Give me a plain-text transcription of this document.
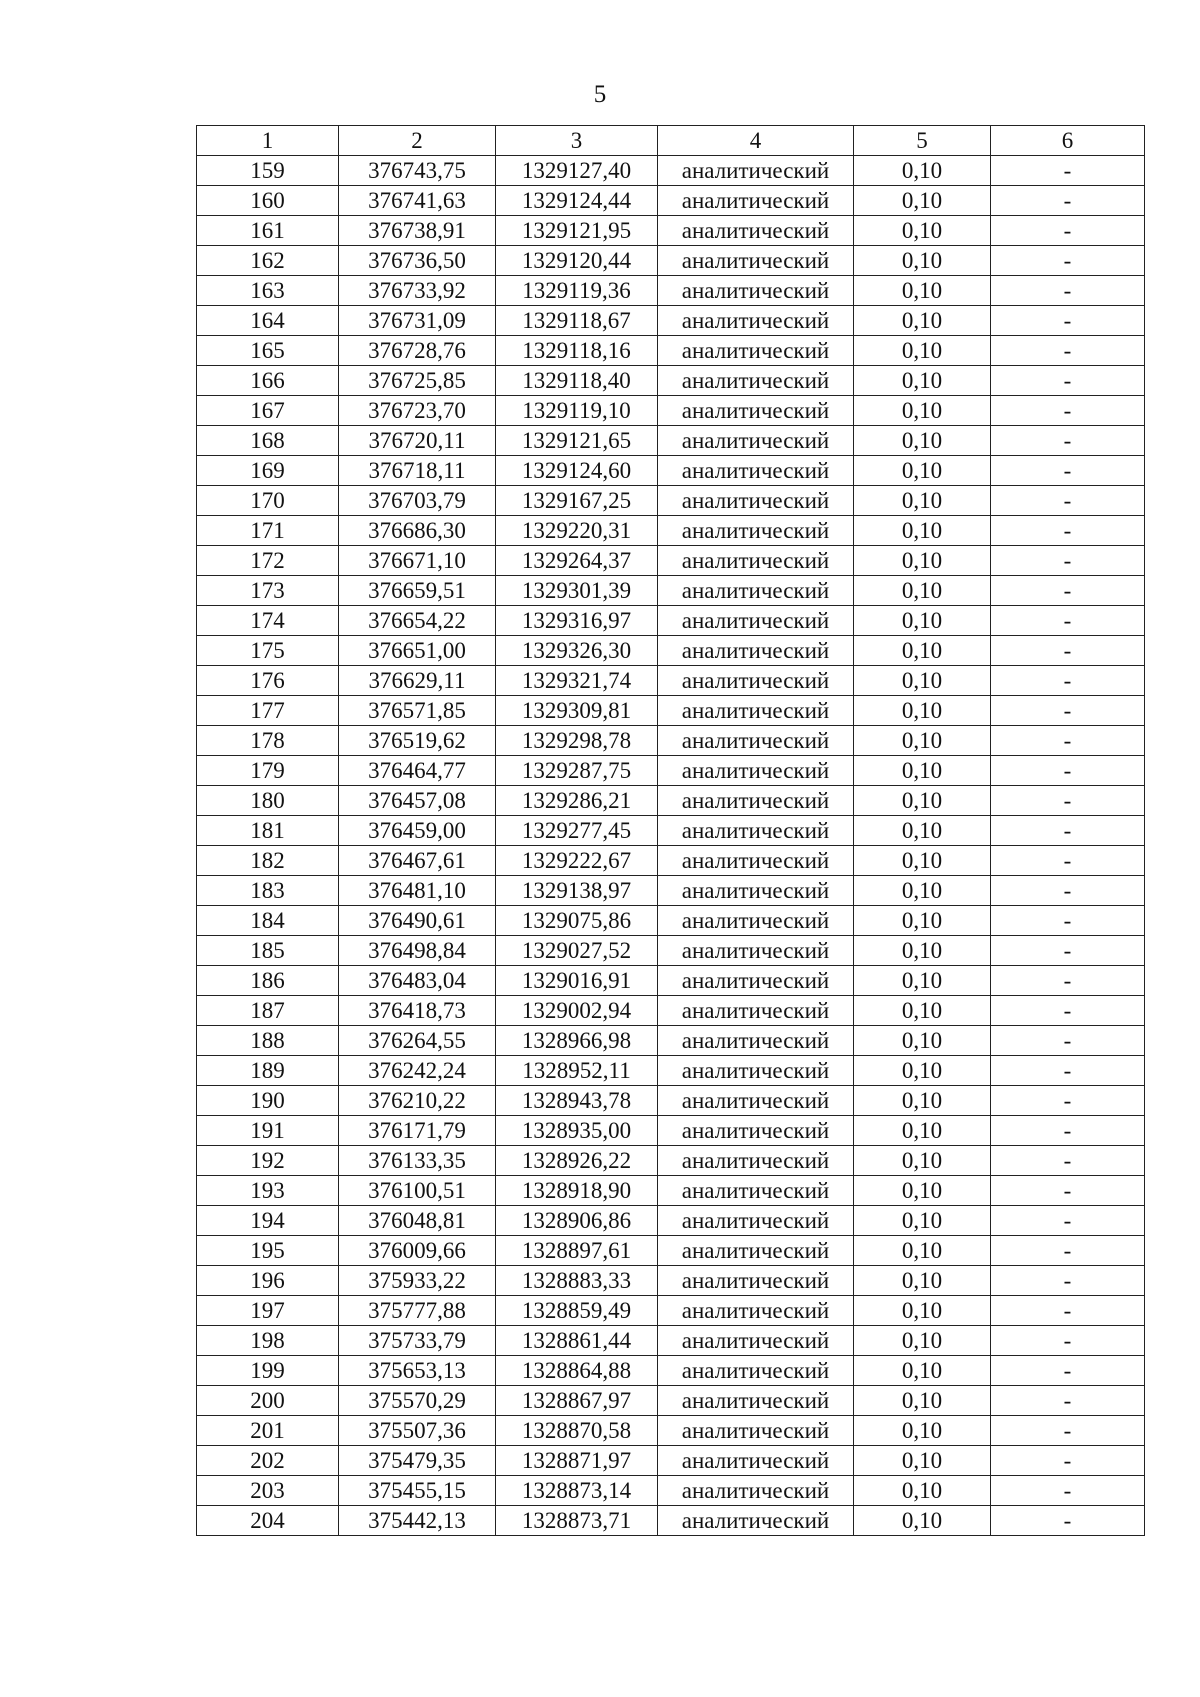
5
1	2	3	4	5	6
159	376743,75	1329127,40	аналитический	0,10	-
160	376741,63	1329124,44	аналитический	0,10	-
161	376738,91	1329121,95	аналитический	0,10	-
162	376736,50	1329120,44	аналитический	0,10	-
163	376733,92	1329119,36	аналитический	0,10	-
164	376731,09	1329118,67	аналитический	0,10	-
165	376728,76	1329118,16	аналитический	0,10	-
166	376725,85	1329118,40	аналитический	0,10	-
167	376723,70	1329119,10	аналитический	0,10	-
168	376720,11	1329121,65	аналитический	0,10	-
169	376718,11	1329124,60	аналитический	0,10	-
170	376703,79	1329167,25	аналитический	0,10	-
171	376686,30	1329220,31	аналитический	0,10	-
172	376671,10	1329264,37	аналитический	0,10	-
173	376659,51	1329301,39	аналитический	0,10	-
174	376654,22	1329316,97	аналитический	0,10	-
175	376651,00	1329326,30	аналитический	0,10	-
176	376629,11	1329321,74	аналитический	0,10	-
177	376571,85	1329309,81	аналитический	0,10	-
178	376519,62	1329298,78	аналитический	0,10	-
179	376464,77	1329287,75	аналитический	0,10	-
180	376457,08	1329286,21	аналитический	0,10	-
181	376459,00	1329277,45	аналитический	0,10	-
182	376467,61	1329222,67	аналитический	0,10	-
183	376481,10	1329138,97	аналитический	0,10	-
184	376490,61	1329075,86	аналитический	0,10	-
185	376498,84	1329027,52	аналитический	0,10	-
186	376483,04	1329016,91	аналитический	0,10	-
187	376418,73	1329002,94	аналитический	0,10	-
188	376264,55	1328966,98	аналитический	0,10	-
189	376242,24	1328952,11	аналитический	0,10	-
190	376210,22	1328943,78	аналитический	0,10	-
191	376171,79	1328935,00	аналитический	0,10	-
192	376133,35	1328926,22	аналитический	0,10	-
193	376100,51	1328918,90	аналитический	0,10	-
194	376048,81	1328906,86	аналитический	0,10	-
195	376009,66	1328897,61	аналитический	0,10	-
196	375933,22	1328883,33	аналитический	0,10	-
197	375777,88	1328859,49	аналитический	0,10	-
198	375733,79	1328861,44	аналитический	0,10	-
199	375653,13	1328864,88	аналитический	0,10	-
200	375570,29	1328867,97	аналитический	0,10	-
201	375507,36	1328870,58	аналитический	0,10	-
202	375479,35	1328871,97	аналитический	0,10	-
203	375455,15	1328873,14	аналитический	0,10	-
204	375442,13	1328873,71	аналитический	0,10	-
